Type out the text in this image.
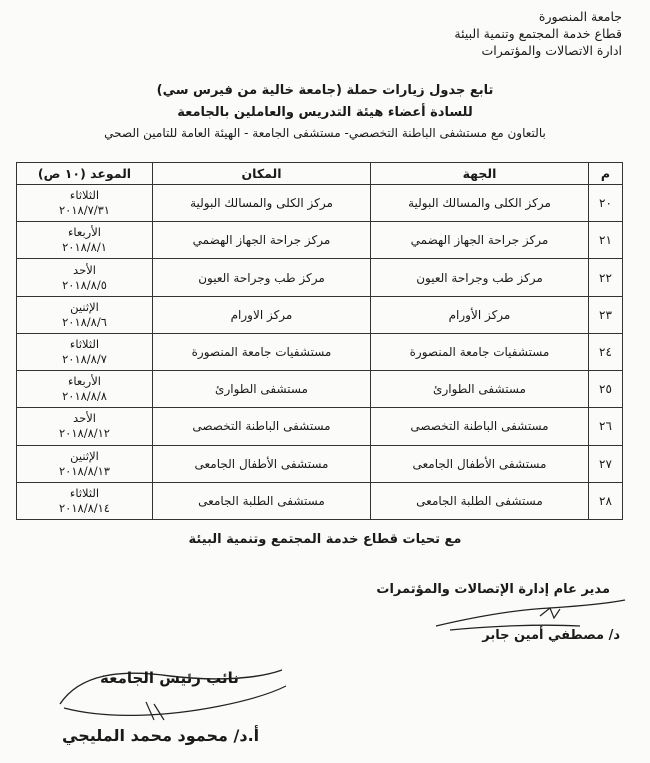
جامعة المنصورة
قطاع خدمة المجتمع وتنمية البيئة
ادارة الاتصالات والمؤتمرات

تابع جدول زيارات حملة (جامعة خالية من فيرس سي)

للسادة أعضاء هيئة التدريس والعاملين بالجامعة

بالتعاون مع مستشفى الباطنة التخصصي- مستشفى الجامعة - الهيئة العامة للتامين الصحي

م	الجهة	المكان	الموعد (١٠ ص)
٢٠	مركز الكلى والمسالك البولية	مركز الكلى والمسالك البولية	الثلاثاء
٢٠١٨/٧/٣١

٢١	مركز جراحة الجهاز الهضمي	مركز جراحة الجهاز الهضمي	الأربعاء
٢٠١٨/٨/١

٢٢	مركز طب وجراحة العيون	مركز طب وجراحة العيون	الأحد
٢٠١٨/٨/٥

٢٣	مركز الأورام	مركز الاورام	الإثنين
٢٠١٨/٨/٦

٢٤	مستشفيات جامعة المنصورة	مستشفيات جامعة المنصورة	الثلاثاء
٢٠١٨/٨/٧

٢٥	مستشفى الطوارئ	مستشفى الطوارئ	الأربعاء
٢٠١٨/٨/٨

٢٦	مستشفى الباطنة التخصصى	مستشفى الباطنة التخصصى	الأحد
٢٠١٨/٨/١٢

٢٧	مستشفى الأطفال الجامعى	مستشفى الأطفال الجامعى	الإثنين
٢٠١٨/٨/١٣

٢٨	مستشفى الطلبة الجامعى	مستشفى الطلبة الجامعى	الثلاثاء
٢٠١٨/٨/١٤
مع تحيات قطاع خدمة المجتمع وتنمية البيئة
مدير عام إدارة الإتصالات والمؤتمرات
د/ مصطفي أمين جابر
نائب رئيس الجامعة
أ.د/ محمود محمد المليجي
